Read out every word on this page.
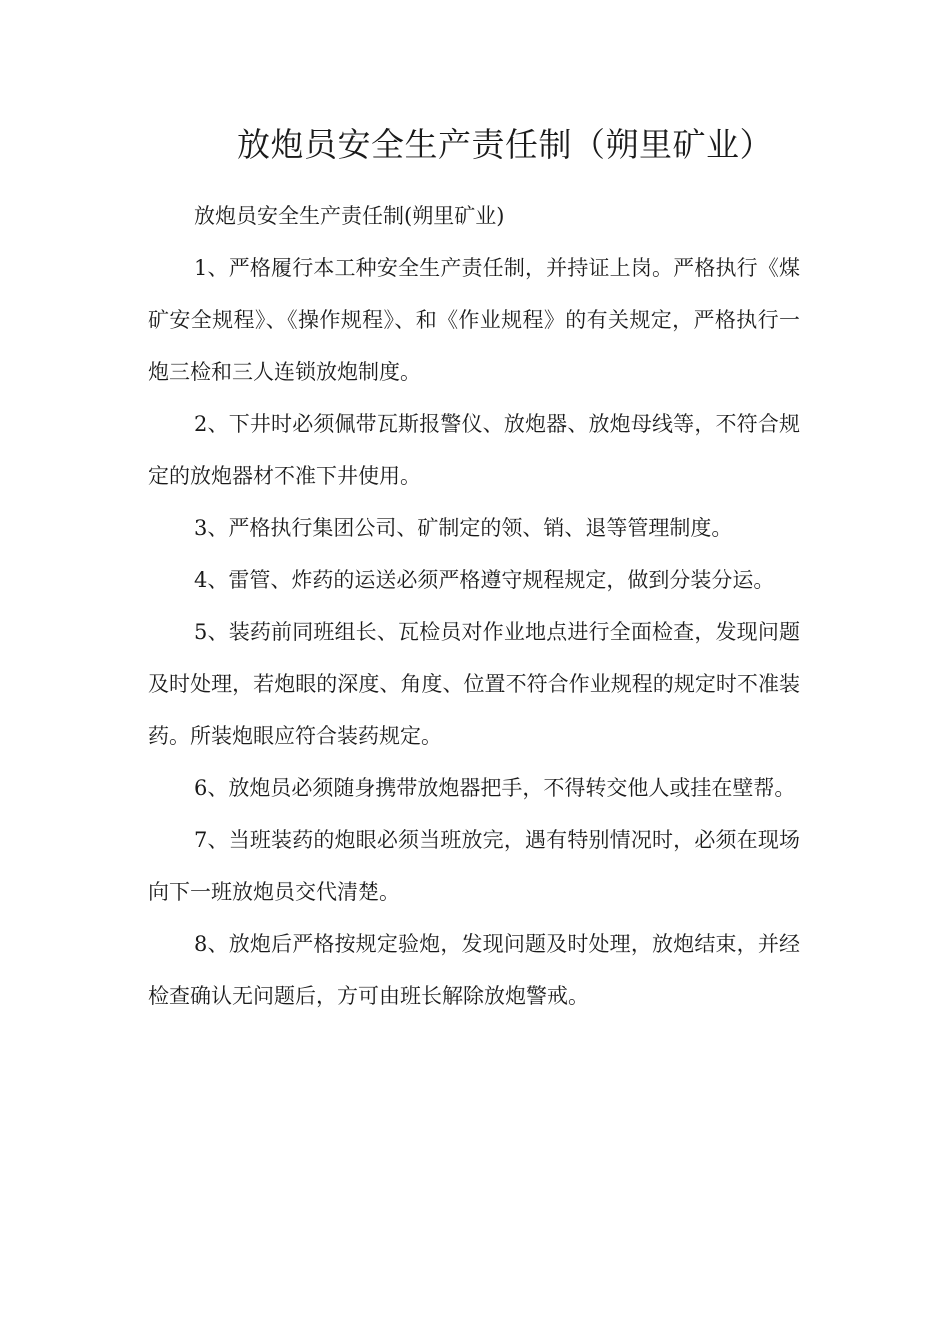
放炮员安全生产责任制（朔里矿业）

放炮员安全生产责任制(朔里矿业)

1、严格履行本工种安全生产责任制，并持证上岗。严格执行《煤矿安全规程》、《操作规程》、和《作业规程》的有关规定，严格执行一炮三检和三人连锁放炮制度。

2、下井时必须佩带瓦斯报警仪、放炮器、放炮母线等，不符合规定的放炮器材不准下井使用。

3、严格执行集团公司、矿制定的领、销、退等管理制度。

4、雷管、炸药的运送必须严格遵守规程规定，做到分装分运。

5、装药前同班组长、瓦检员对作业地点进行全面检查，发现问题及时处理，若炮眼的深度、角度、位置不符合作业规程的规定时不准装药。所装炮眼应符合装药规定。

6、放炮员必须随身携带放炮器把手，不得转交他人或挂在壁帮。

7、当班装药的炮眼必须当班放完，遇有特别情况时，必须在现场向下一班放炮员交代清楚。

8、放炮后严格按规定验炮，发现问题及时处理，放炮结束，并经检查确认无问题后，方可由班长解除放炮警戒。
